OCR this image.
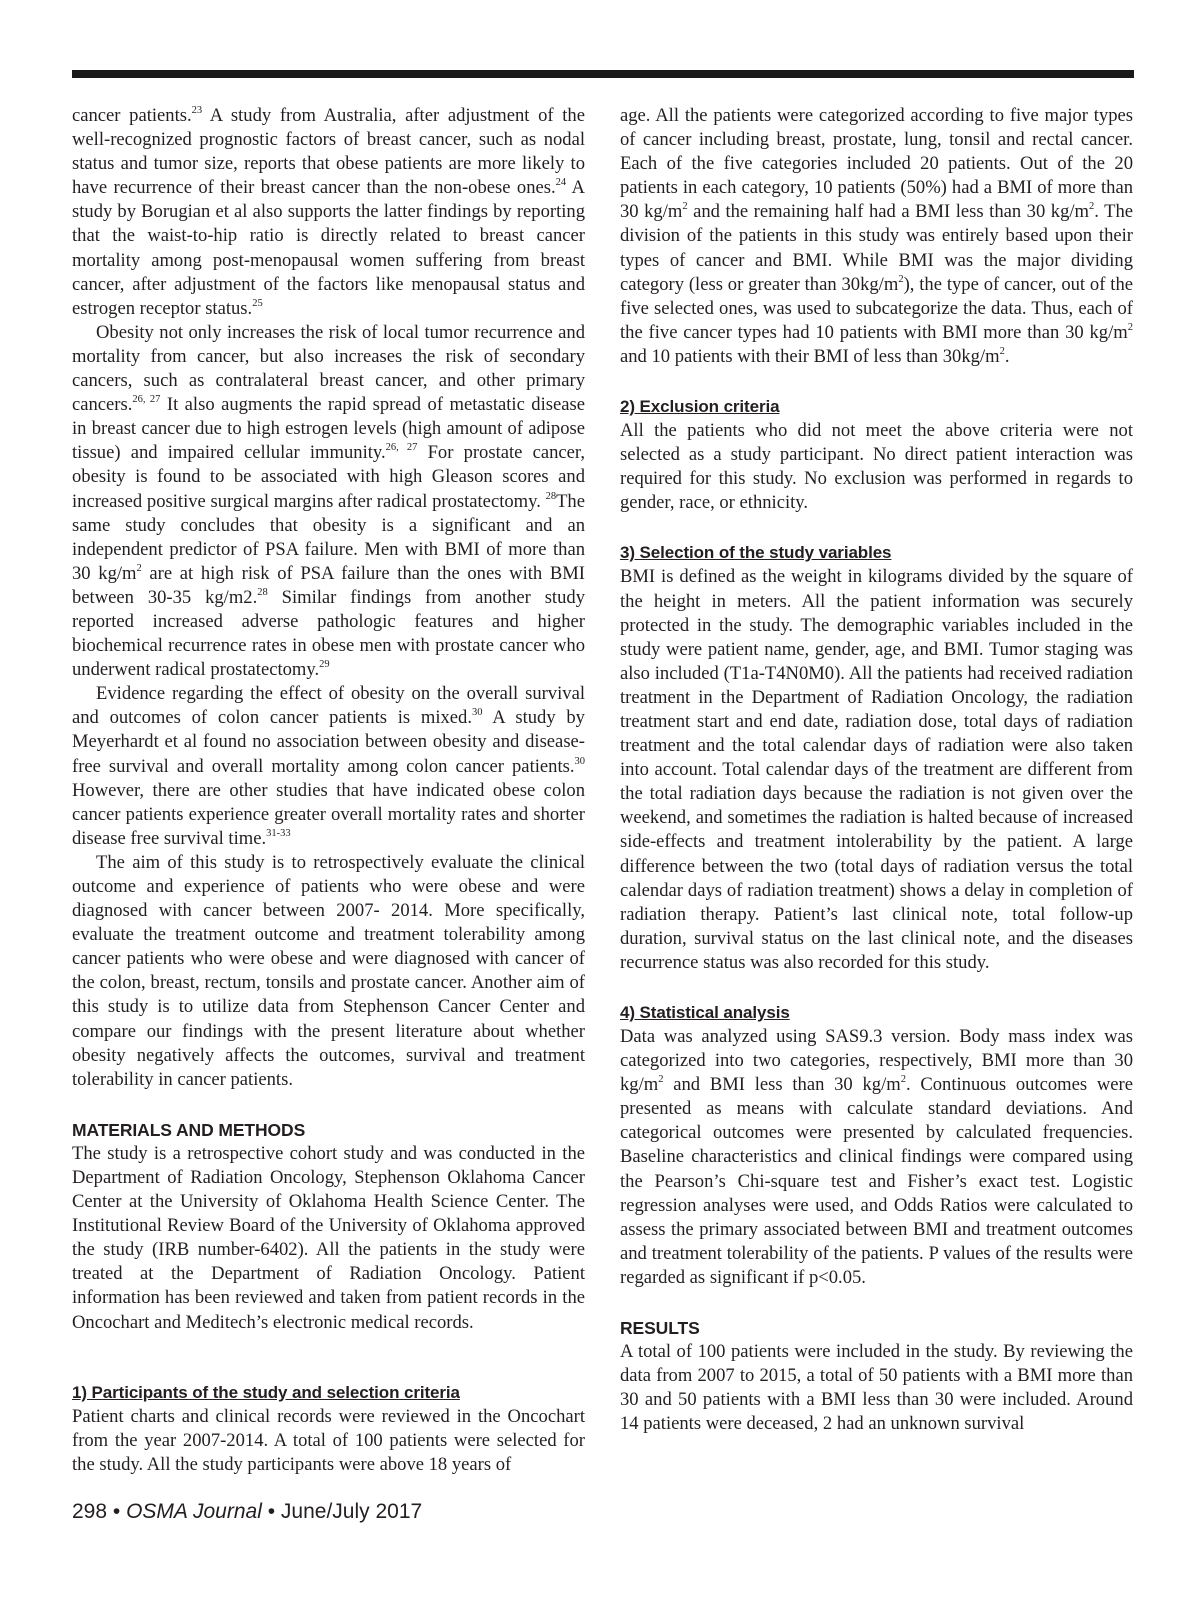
cancer patients.$^{23}$ A study from Australia, after adjustment of the well-recognized prognostic factors of breast cancer, such as nodal status and tumor size, reports that obese patients are more likely to have recurrence of their breast cancer than the non-obese ones.$^{24}$ A study by Borugian et al also supports the latter findings by reporting that the waist-to-hip ratio is directly related to breast cancer mortality among post-menopausal women suffering from breast cancer, after adjustment of the factors like menopausal status and estrogen receptor status.$^{25}$

Obesity not only increases the risk of local tumor recurrence and mortality from cancer, but also increases the risk of secondary cancers, such as contralateral breast cancer, and other primary cancers.$^{26, 27}$ It also augments the rapid spread of metastatic disease in breast cancer due to high estrogen levels (high amount of adipose tissue) and impaired cellular immunity.$^{26, 27}$ For prostate cancer, obesity is found to be associated with high Gleason scores and increased positive surgical margins after radical prostatectomy. $^{28}$The same study concludes that obesity is a significant and an independent predictor of PSA failure. Men with BMI of more than 30 $kg/m^2$ are at high risk of PSA failure than the ones with BMI between 30-35 kg/m2.28 Similar findings from another study reported increased adverse pathologic features and higher biochemical recurrence rates in obese men with prostate cancer who underwent radical prostatectomy.$^{29}$

Evidence regarding the effect of obesity on the overall survival and outcomes of colon cancer patients is mixed.$^{30}$ A study by Meyerhardt et al found no association between obesity and disease-free survival and overall mortality among colon cancer patients.$^{30}$ However, there are other studies that have indicated obese colon cancer patients experience greater overall mortality rates and shorter disease free survival time.$^{31-33}$

The aim of this study is to retrospectively evaluate the clinical outcome and experience of patients who were obese and were diagnosed with cancer between 2007- 2014. More specifically, evaluate the treatment outcome and treatment tolerability among cancer patients who were obese and were diagnosed with cancer of the colon, breast, rectum, tonsils and prostate cancer. Another aim of this study is to utilize data from Stephenson Cancer Center and compare our findings with the present literature about whether obesity negatively affects the outcomes, survival and treatment tolerability in cancer patients.

MATERIALS AND METHODS

The study is a retrospective cohort study and was conducted in the Department of Radiation Oncology, Stephenson Oklahoma Cancer Center at the University of Oklahoma Health Science Center. The Institutional Review Board of the University of Oklahoma approved the study (IRB number-6402). All the patients in the study were treated at the Department of Radiation Oncology. Patient information has been reviewed and taken from patient records in the Oncochart and Meditech’s electronic medical records.

1) Participants of the study and selection criteria

Patient charts and clinical records were reviewed in the Oncochart from the year 2007-2014. A total of 100 patients were selected for the study. All the study participants were above 18 years of

age. All the patients were categorized according to five major types of cancer including breast, prostate, lung, tonsil and rectal cancer. Each of the five categories included 20 patients. Out of the 20 patients in each category, 10 patients (50%) had a BMI of more than 30 $kg/m^2$ and the remaining half had a BMI less than 30 $kg/m^2$. The division of the patients in this study was entirely based upon their types of cancer and BMI. While BMI was the major dividing category (less or greater than $30kg/m^2$), the type of cancer, out of the five selected ones, was used to subcategorize the data. Thus, each of the five cancer types had 10 patients with BMI more than 30 $kg/m^2$ and 10 patients with their BMI of less than $30kg/m^2$.

2) Exclusion criteria

All the patients who did not meet the above criteria were not selected as a study participant. No direct patient interaction was required for this study. No exclusion was performed in regards to gender, race, or ethnicity.

3) Selection of the study variables

BMI is defined as the weight in kilograms divided by the square of the height in meters. All the patient information was securely protected in the study. The demographic variables included in the study were patient name, gender, age, and BMI. Tumor staging was also included (T1a-T4N0M0). All the patients had received radiation treatment in the Department of Radiation Oncology, the radiation treatment start and end date, radiation dose, total days of radiation treatment and the total calendar days of radiation were also taken into account. Total calendar days of the treatment are different from the total radiation days because the radiation is not given over the weekend, and sometimes the radiation is halted because of increased side-effects and treatment intolerability by the patient. A large difference between the two (total days of radiation versus the total calendar days of radiation treatment) shows a delay in completion of radiation therapy. Patient’s last clinical note, total follow-up duration, survival status on the last clinical note, and the diseases recurrence status was also recorded for this study.

4) Statistical analysis

Data was analyzed using SAS9.3 version. Body mass index was categorized into two categories, respectively, BMI more than 30 $kg/m^2$ and BMI less than 30 $kg/m^2$. Continuous outcomes were presented as means with calculate standard deviations. And categorical outcomes were presented by calculated frequencies. Baseline characteristics and clinical findings were compared using the Pearson’s Chi-square test and Fisher’s exact test. Logistic regression analyses were used, and Odds Ratios were calculated to assess the primary associated between BMI and treatment outcomes and treatment tolerability of the patients. P values of the results were regarded as significant if p<0.05.

RESULTS

A total of 100 patients were included in the study. By reviewing the data from 2007 to 2015, a total of 50 patients with a BMI more than 30 and 50 patients with a BMI less than 30 were included. Around 14 patients were deceased, 2 had an unknown survival

298 • OSMA Journal • June/July 2017
